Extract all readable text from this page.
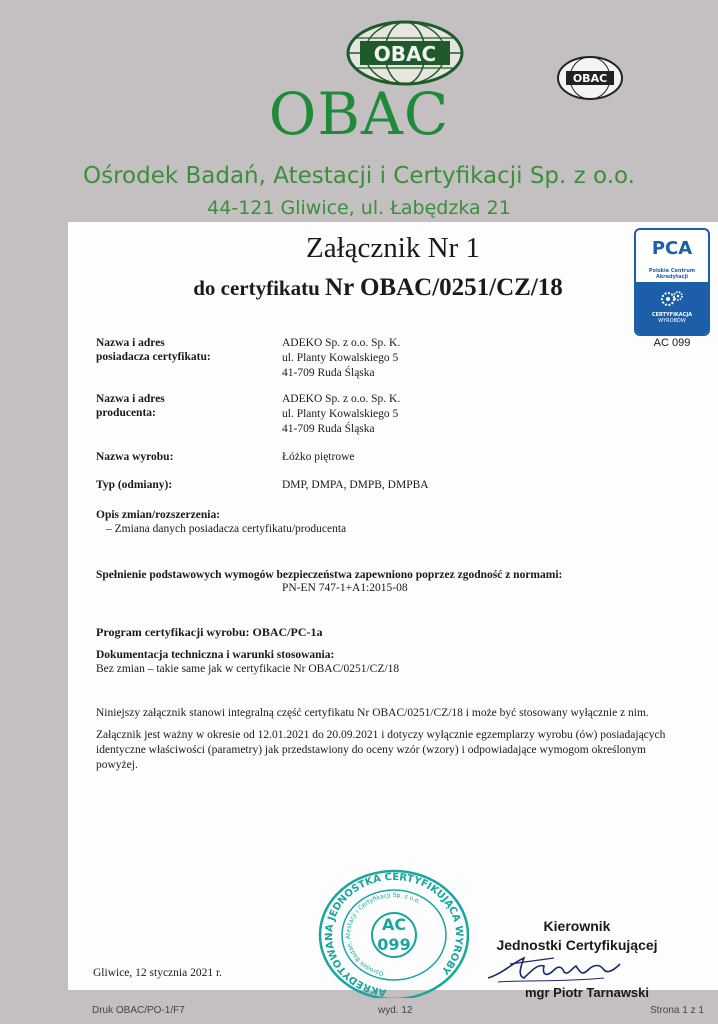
OBAC
OBAC
OBAC
Ośrodek Badań, Atestacji i Certyfikacji Sp. z o.o.
44-121 Gliwice, ul. Łabędzka 21
Załącznik Nr 1
do certyfikatu Nr OBAC/0251/CZ/18
PCA
Polskie Centrum
Akredytacji
CERTYFIKACJA
WYROBÓW
AC 099
Nazwa i adres
posiadacza certyfikatu:
ADEKO Sp. z o.o. Sp. K.
ul. Planty Kowalskiego 5
41-709 Ruda Śląska
Nazwa i adres
producenta:
ADEKO Sp. z o.o. Sp. K.
ul. Planty Kowalskiego 5
41-709 Ruda Śląska
Nazwa wyrobu:	Łóżko piętrowe
Typ (odmiany):	DMP, DMPA, DMPB, DMPBA
Opis zmian/rozszerzenia:
– Zmiana danych posiadacza certyfikatu/producenta
Spełnienie podstawowych wymogów bezpieczeństwa zapewniono poprzez zgodność z normami:
PN-EN 747-1+A1:2015-08
Program certyfikacji wyrobu: OBAC/PC-1a
Dokumentacja techniczna i warunki stosowania:
Bez zmian – takie same jak w certyfikacie Nr OBAC/0251/CZ/18
Niniejszy załącznik stanowi integralną część certyfikatu Nr OBAC/0251/CZ/18 i może być stosowany wyłącznie z nim.
Załącznik jest ważny w okresie od 12.01.2021 do 20.09.2021 i dotyczy wyłącznie egzemplarzy wyrobu (ów) posiadających
identyczne właściwości (parametry) jak przedstawiony do oceny wzór (wzory) i odpowiadające wymogom określonym
powyżej.
AKREDYTOWANA JEDNOSTKA CERTYFIKUJĄCA WYROBY
Ośrodek Badań, Atestacji i Certyfikacji Sp. z o.o.
AC
099
Kierownik
Jednostki Certyfikującej
mgr Piotr Tarnawski
Gliwice, 12 stycznia 2021 r.
Druk OBAC/PO-1/F7	wyd. 12	Strona 1 z 1
